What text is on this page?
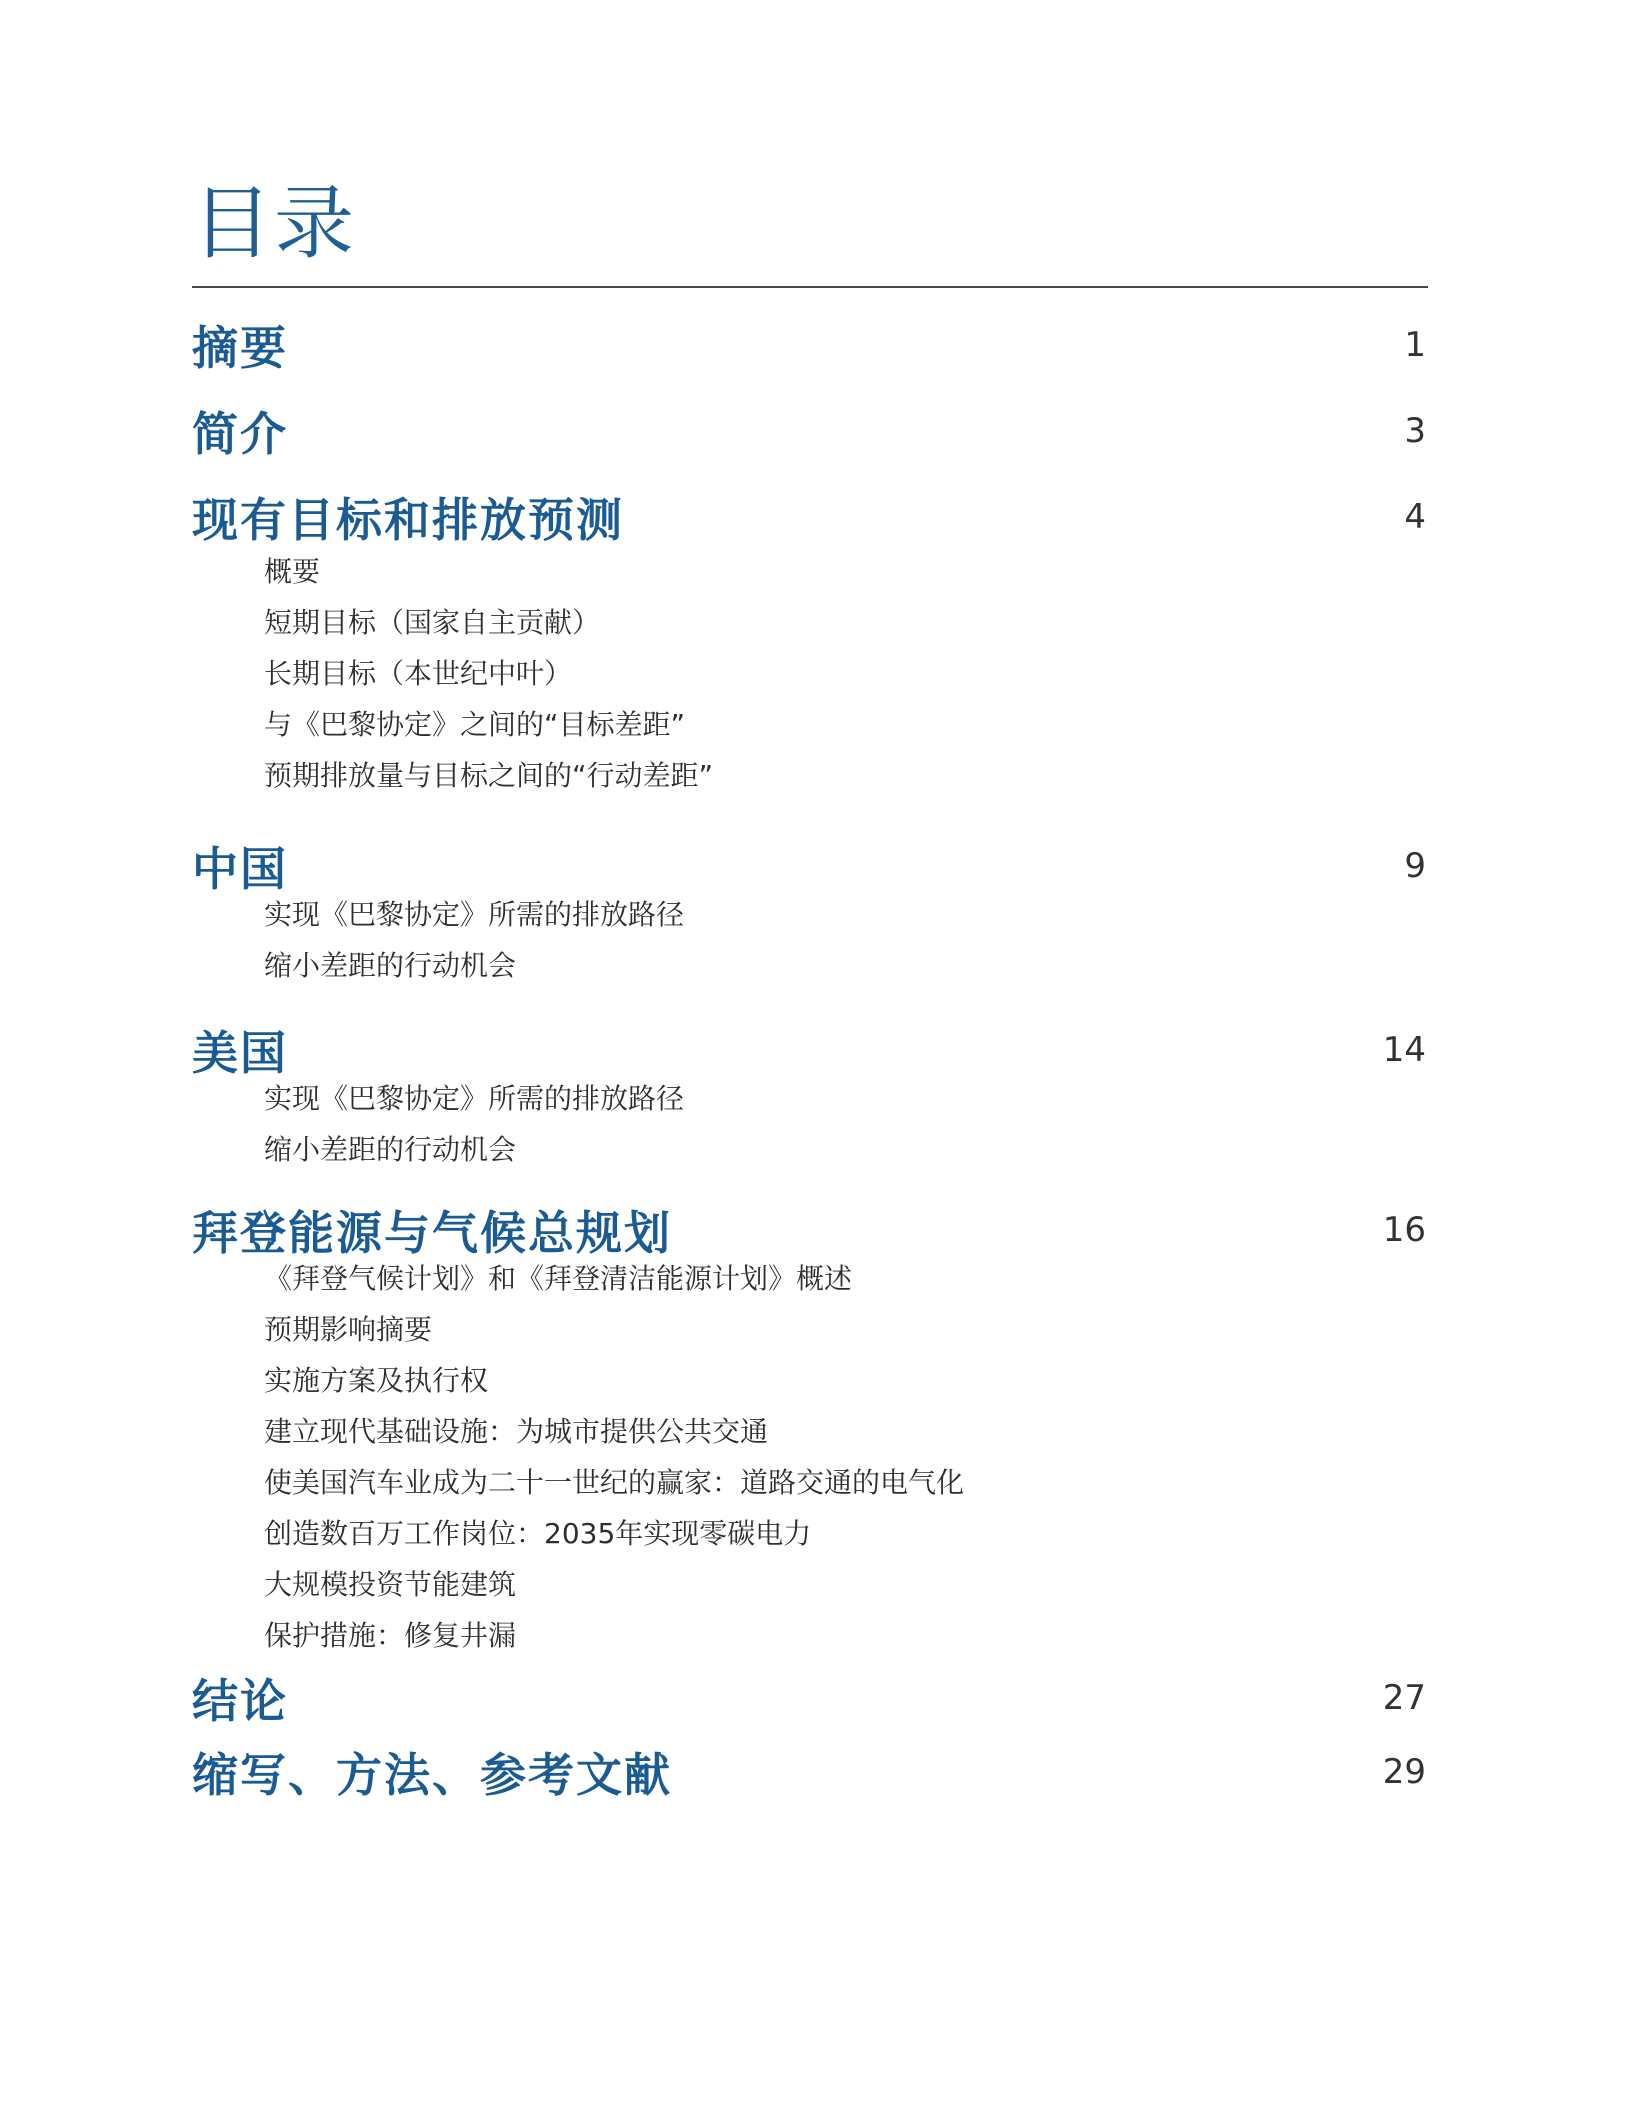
目录
摘要	1
简介	3
现有目标和排放预测	4
概要
短期目标（国家自主贡献）
长期目标（本世纪中叶）
与《巴黎协定》之间的“目标差距”
预期排放量与目标之间的“行动差距”
中国	9
实现《巴黎协定》所需的排放路径
缩小差距的行动机会
美国	14
实现《巴黎协定》所需的排放路径
缩小差距的行动机会
拜登能源与气候总规划	16
《拜登气候计划》和《拜登清洁能源计划》概述
预期影响摘要
实施方案及执行权
建立现代基础设施：为城市提供公共交通
使美国汽车业成为二十一世纪的赢家：道路交通的电气化
创造数百万工作岗位：2035年实现零碳电力
大规模投资节能建筑
保护措施：修复井漏
结论	27
缩写、方法、参考文献	29
